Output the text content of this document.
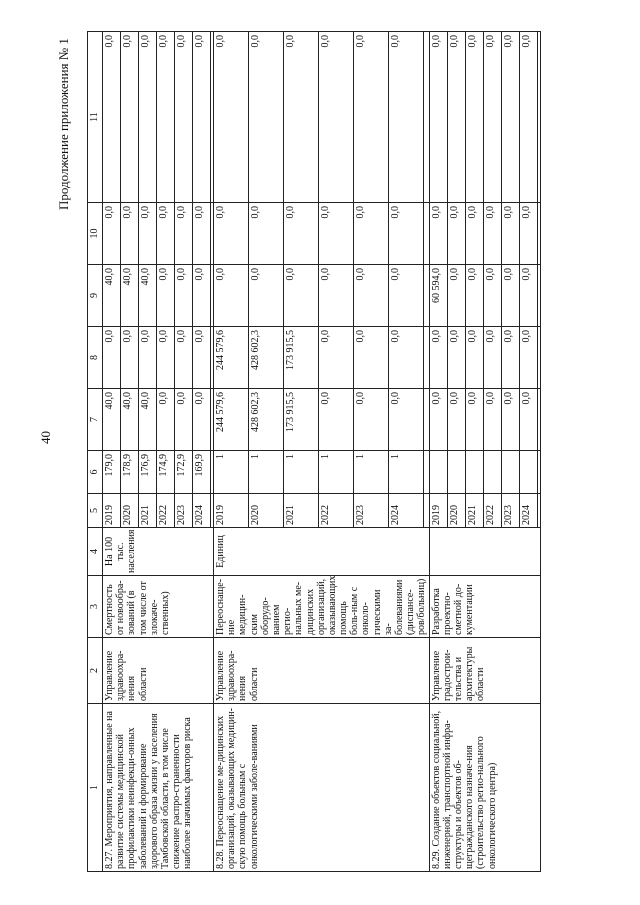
40
Продолжение приложения № 1
1	2	3	4	5	6	7	8	9	10	11
8.27. Мероприятия, направленные на развитие системы медицинской профилактики неинфекци-онных заболеваний и формирование здорового образа жизни у населения Тамбовской области, в том числе снижение распро-страненности наиболее значимых факторов риска	Управление здравоохра-нения области	Смертность от новообра-зований (в том числе от злокаче-ственных)	На 100 тыс. населения	2019	179,0	40,0	0,0	40,0	0,0	0,0
				2020	178,9	40,0	0,0	40,0	0,0	0,0
				2021	176,9	40,0	0,0	40,0	0,0	0,0
				2022	174,9	0,0	0,0	0,0	0,0	0,0
				2023	172,9	0,0	0,0	0,0	0,0	0,0
				2024	169,9	0,0	0,0	0,0	0,0	0,0

8.28. Переоснащение ме-дицинских организаций, оказывающих медицин-скую помощь больным с онкологическими заболе-ваниями	Управление здравоохра-нения области	Переоснаще-ние медицин-ским оборудо-ванием регио-нальных ме-дицинских организаций, оказывающих помощь боль-ным с онколо-гическими за-болеваниями (диспансе-ров/больниц)	Единиц	2019	1	244 579,6	244 579,6	0,0	0,0	0,0
				2020	1	428 602,3	428 602,3	0,0	0,0	0,0
				2021	1	173 915,5	173 915,5	0,0	0,0	0,0
				2022	1	0,0	0,0	0,0	0,0	0,0
				2023	1	0,0	0,0	0,0	0,0	0,0
				2024	1	0,0	0,0	0,0	0,0	0,0

8.29. Создание объектов социальной, инженерной, транспортной инфра-структуры и объектов об-щегражданского назначе-ния (строительство регио-нального онкологического центра)	Управление градострои-тельства и архитектуры области	Разработка проектно-сметной до-кументации		2019		0,0	0,0	60 594,0	0,0	0,0
				2020		0,0	0,0	0,0	0,0	0,0
				2021		0,0	0,0	0,0	0,0	0,0
				2022		0,0	0,0	0,0	0,0	0,0
				2023		0,0	0,0	0,0	0,0	0,0
				2024		0,0	0,0	0,0	0,0	0,0
